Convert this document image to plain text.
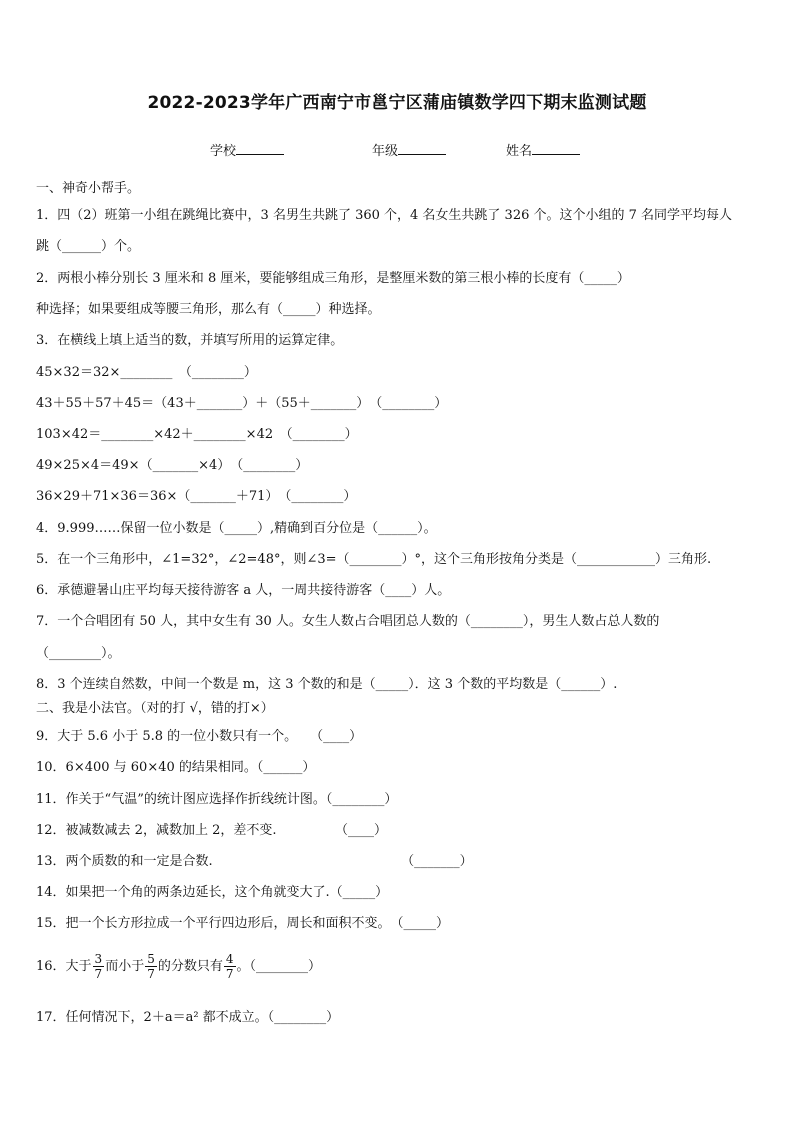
2022-2023学年广西南宁市邕宁区蒲庙镇数学四下期末监测试题
学校	年级	姓名
一、神奇小帮手。
1．四（2）班第一小组在跳绳比赛中，3 名男生共跳了 360 个，4 名女生共跳了 326 个。这个小组的 7 名同学平均每人
跳（______）个。
2．两根小棒分别长 3 厘米和 8 厘米，要能够组成三角形，是整厘米数的第三根小棒的长度有（_____）
种选择；如果要组成等腰三角形，那么有（_____）种选择。
3．在横线上填上适当的数，并填写所用的运算定律。
45×32＝32×________　（________）
43＋55＋57＋45＝（43＋_______）＋（55＋_______）　（________）
103×42＝________×42＋________×42　（________）
49×25×4＝49×（_______×4）　（________）
36×29＋71×36＝36×（_______＋71）　（________）
4．9.999……保留一位小数是（_____）,精确到百分位是（______）。
5．在一个三角形中，∠1=32°，∠2=48°，则∠3=（________）°，这个三角形按角分类是（____________）三角形.
6．承德避暑山庄平均每天接待游客 a 人，一周共接待游客（____）人。
7．一个合唱团有 50 人，其中女生有 30 人。女生人数占合唱团总人数的（________），男生人数占总人数的
（________）。
8．3 个连续自然数，中间一个数是 m，这 3 个数的和是（_____）．这 3 个数的平均数是（______）.
二、我是小法官。（对的打 √，错的打×）
9．大于 5.6 小于 5.8 的一位小数只有一个。　　（____）
10．6×400 与 60×40 的结果相同。（______）
11．作关于“气温”的统计图应选择作折线统计图。（________）
12．被减数减去 2，减数加上 2，差不变.　　　　　（____）
13．两个质数的和一定是合数.　　　　　　　　　　　　　　　（_______）
14．如果把一个角的两条边延长，这个角就变大了.（_____）
15．把一个长方形拉成一个平行四边形后，周长和面积不变。　（_____）
16．大于 $\frac{3}{7}$ 而小于 $\frac{5}{7}$ 的分数只有 $\frac{4}{7}$ 。（________）
17．任何情况下，2＋a＝a² 都不成立。（________）
